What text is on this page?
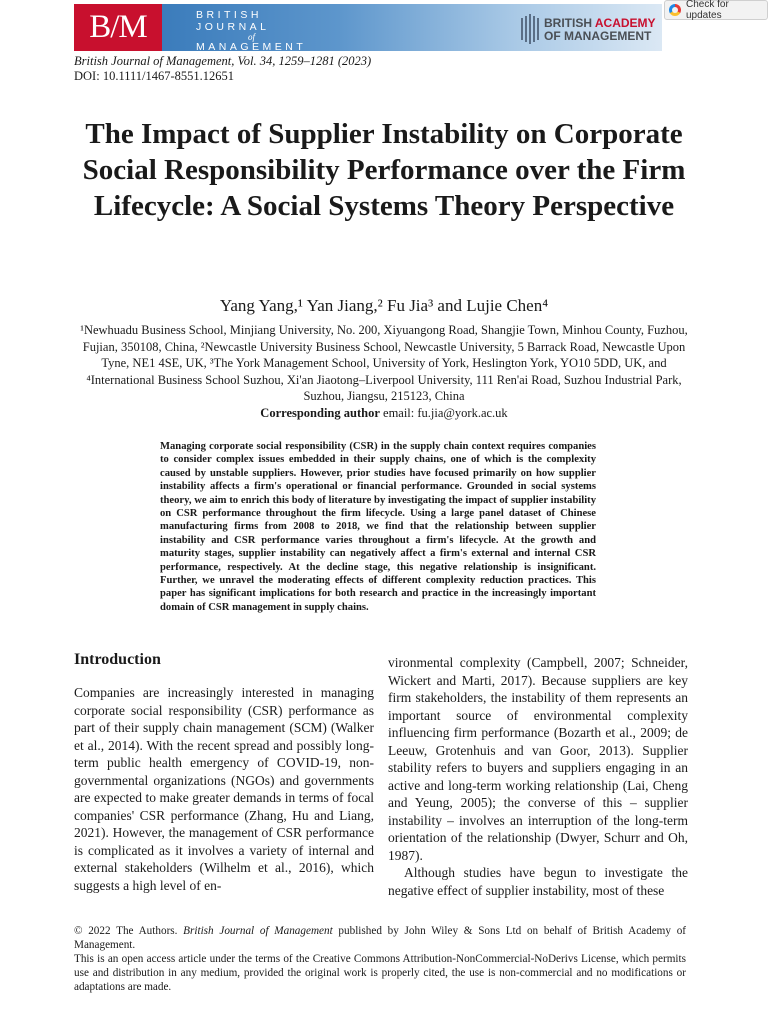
B/M	BRITISH
JOURNAL
of
MANAGEMENT
BRITISH ACADEMY
OF MANAGEMENT
Check for updates
British Journal of Management, Vol. 34, 1259–1281 (2023)
DOI: 10.1111/1467-8551.12651
The Impact of Supplier Instability on Corporate Social Responsibility Performance over the Firm Lifecycle: A Social Systems Theory Perspective
Yang Yang,¹ Yan Jiang,² Fu Jia³ and Lujie Chen⁴
¹Newhuadu Business School, Minjiang University, No. 200, Xiyuangong Road, Shangjie Town, Minhou County, Fuzhou, Fujian, 350108, China, ²Newcastle University Business School, Newcastle University, 5 Barrack Road, Newcastle Upon Tyne, NE1 4SE, UK, ³The York Management School, University of York, Heslington York, YO10 5DD, UK, and ⁴International Business School Suzhou, Xi'an Jiaotong–Liverpool University, 111 Ren'ai Road, Suzhou Industrial Park, Suzhou, Jiangsu, 215123, China
Corresponding author email: fu.jia@york.ac.uk
Managing corporate social responsibility (CSR) in the supply chain context requires companies to consider complex issues embedded in their supply chains, one of which is the complexity caused by unstable suppliers. However, prior studies have focused primarily on how supplier instability affects a firm's operational or financial performance. Grounded in social systems theory, we aim to enrich this body of literature by investigating the impact of supplier instability on CSR performance throughout the firm lifecycle. Using a large panel dataset of Chinese manufacturing firms from 2008 to 2018, we find that the relationship between supplier instability and CSR performance varies throughout a firm's lifecycle. At the growth and maturity stages, supplier instability can negatively affect a firm's external and internal CSR performance, respectively. At the decline stage, this negative relationship is insignificant. Further, we unravel the moderating effects of different complexity reduction practices. This paper has significant implications for both research and practice in the increasingly important domain of CSR management in supply chains.
Introduction

Companies are increasingly interested in managing corporate social responsibility (CSR) performance as part of their supply chain management (SCM) (Walker et al., 2014). With the recent spread and possibly long-term public health emergency of COVID-19, non-governmental organizations (NGOs) and governments are expected to make greater demands in terms of focal companies' CSR performance (Zhang, Hu and Liang, 2021). However, the management of CSR performance is complicated as it involves a variety of internal and external stakeholders (Wilhelm et al., 2016), which suggests a high level of en-

vironmental complexity (Campbell, 2007; Schneider, Wickert and Marti, 2017). Because suppliers are key firm stakeholders, the instability of them represents an important source of environmental complexity influencing firm performance (Bozarth et al., 2009; de Leeuw, Grotenhuis and van Goor, 2013). Supplier stability refers to buyers and suppliers engaging in an active and long-term working relationship (Lai, Cheng and Yeung, 2005); the converse of this – supplier instability – involves an interruption of the long-term orientation of the relationship (Dwyer, Schurr and Oh, 1987).

Although studies have begun to investigate the negative effect of supplier instability, most of these

© 2022 The Authors. British Journal of Management published by John Wiley & Sons Ltd on behalf of British Academy of Management.
This is an open access article under the terms of the Creative Commons Attribution-NonCommercial-NoDerivs License, which permits use and distribution in any medium, provided the original work is properly cited, the use is non-commercial and no modifications or adaptations are made.
